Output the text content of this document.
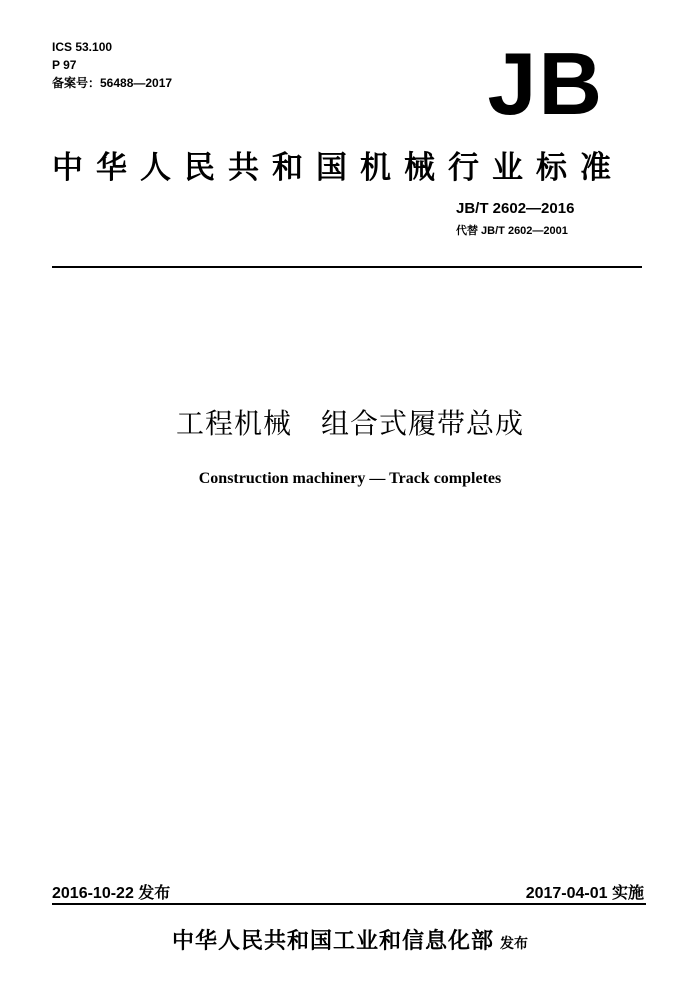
ICS 53.100
P 97
备案号：56488—2017	JB
中华人民共和国机械行业标准
JB/T 2602—2016
代替 JB/T 2602—2001
工程机械　组合式履带总成
Construction machinery — Track completes
2016-10-22 发布	2017-04-01 实施
中华人民共和国工业和信息化部 发布
